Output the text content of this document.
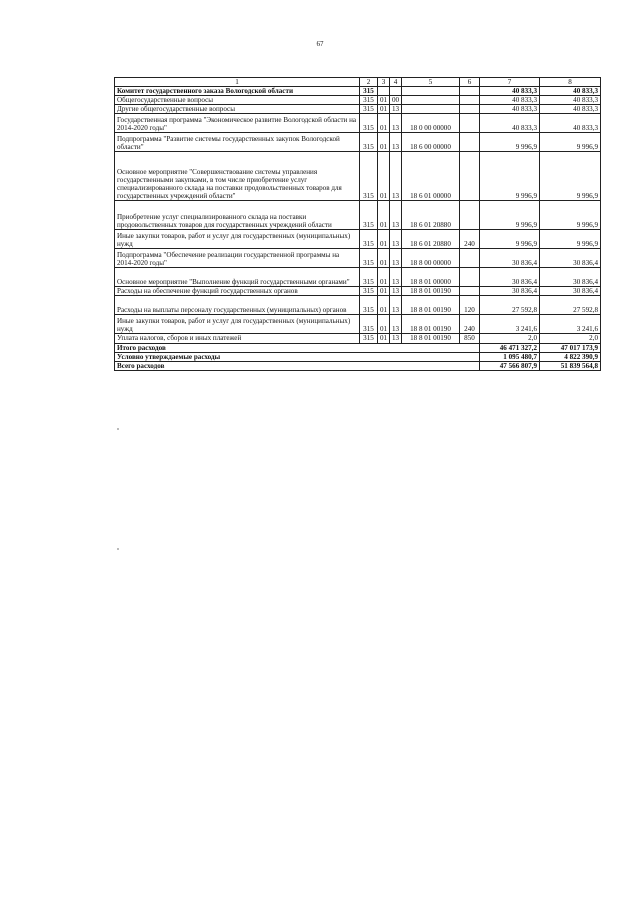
67
1	2	3	4	5	6	7	8
Комитет государственного заказа Вологодской области	315					40 833,3	40 833,3
Общегосударственные вопросы	315	01	00			40 833,3	40 833,3
Другие общегосударственные вопросы	315	01	13			40 833,3	40 833,3
Государственная программа "Экономическое развитие Вологодской области на 2014-2020 годы"	315	01	13	18 0 00 00000		40 833,3	40 833,3
Подпрограмма "Развитие системы государственных закупок Вологодской области"	315	01	13	18 6 00 00000		9 996,9	9 996,9
Основное мероприятие "Совершенствование системы управления государственными закупками, в том числе приобретение услуг специализированного склада на поставки продовольственных товаров для государственных учреждений области"	315	01	13	18 6 01 00000		9 996,9	9 996,9
Приобретение услуг специализированного склада на поставки продовольственных товаров для государственных учреждений области	315	01	13	18 6 01 20880		9 996,9	9 996,9
Иные закупки товаров, работ и услуг для государственных (муниципальных) нужд	315	01	13	18 6 01 20880	240	9 996,9	9 996,9
Подпрограмма "Обеспечение реализации государственной программы на 2014-2020 годы"	315	01	13	18 8 00 00000		30 836,4	30 836,4
Основное мероприятие "Выполнение функций государственными органами"	315	01	13	18 8 01 00000		30 836,4	30 836,4
Расходы на обеспечение функций государственных органов	315	01	13	18 8 01 00190		30 836,4	30 836,4
Расходы на выплаты персоналу государственных (муниципальных) органов	315	01	13	18 8 01 00190	120	27 592,8	27 592,8
Иные закупки товаров, работ и услуг для государственных (муниципальных) нужд	315	01	13	18 8 01 00190	240	3 241,6	3 241,6
Уплата налогов, сборов и иных платежей	315	01	13	18 8 01 00190	850	2,0	2,0
Итого расходов						46 471 327,2	47 017 173,9
Условно утверждаемые расходы						1 095 480,7	4 822 390,9
Всего расходов						47 566 807,9	51 839 564,8
